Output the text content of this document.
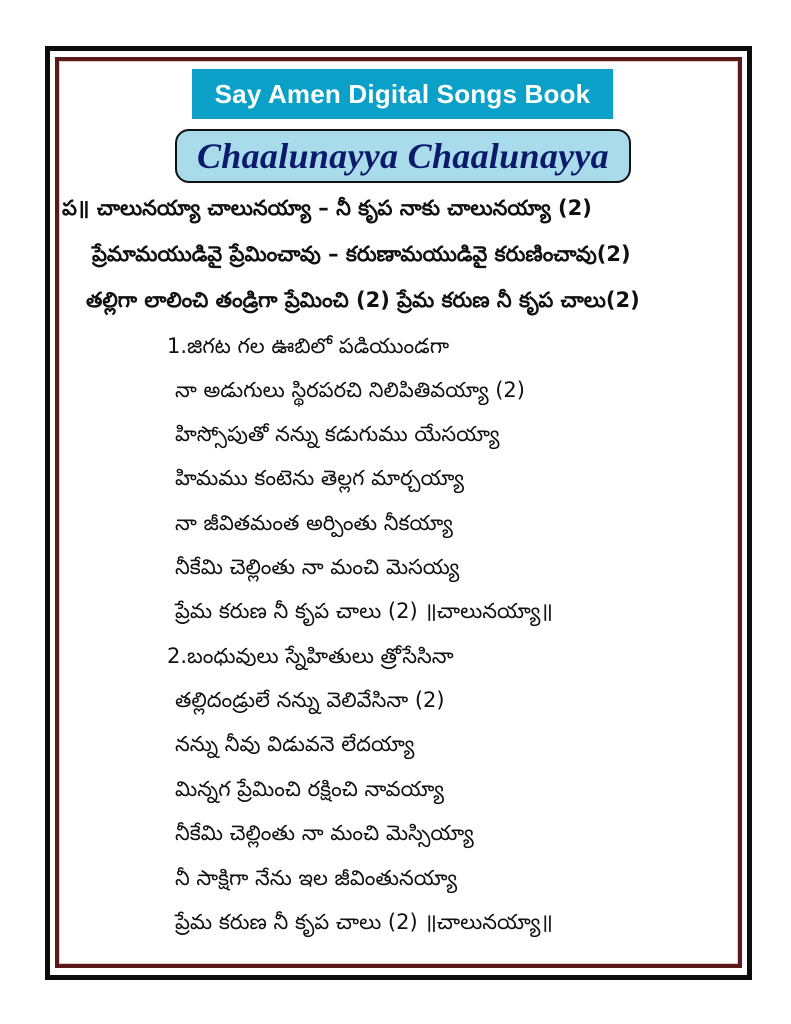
Say Amen Digital Songs Book
Chaalunayya Chaalunayya
ప॥ చాలునయ్యా చాలునయ్యా – నీ కృప నాకు చాలునయ్యా (2)
ప్రేమామయుడివై ప్రేమించావు – కరుణామయుడివై కరుణించావు(2)
తల్లిగా లాలించి తండ్రిగా ప్రేమించి (2) ప్రేమ కరుణ నీ కృప చాలు(2)
1.జిగట గల ఊబిలో పడియుండగా
నా అడుగులు స్థిరపరచి నిలిపితివయ్యా (2)
హిస్సోపుతో నన్ను కడుగుము యేసయ్యా
హిమము కంటెను తెల్లగ మార్చయ్యా
నా జీవితమంత అర్పింతు నీకయ్యా
నీకేమి చెల్లింతు నా మంచి మెసయ్య
ప్రేమ కరుణ నీ కృప చాలు (2) ॥చాలునయ్యా॥
2.బంధువులు స్నేహితులు త్రోసేసినా
తల్లిదండ్రులే నన్ను వెలివేసినా (2)
నన్ను నీవు విడువనె లేదయ్యా
మిన్నగ ప్రేమించి రక్షించి నావయ్యా
నీకేమి చెల్లింతు నా మంచి మెస్సియ్యా
నీ సాక్షిగా నేను ఇల జీవింతునయ్యా
ప్రేమ కరుణ నీ కృప చాలు (2) ॥చాలునయ్యా॥
